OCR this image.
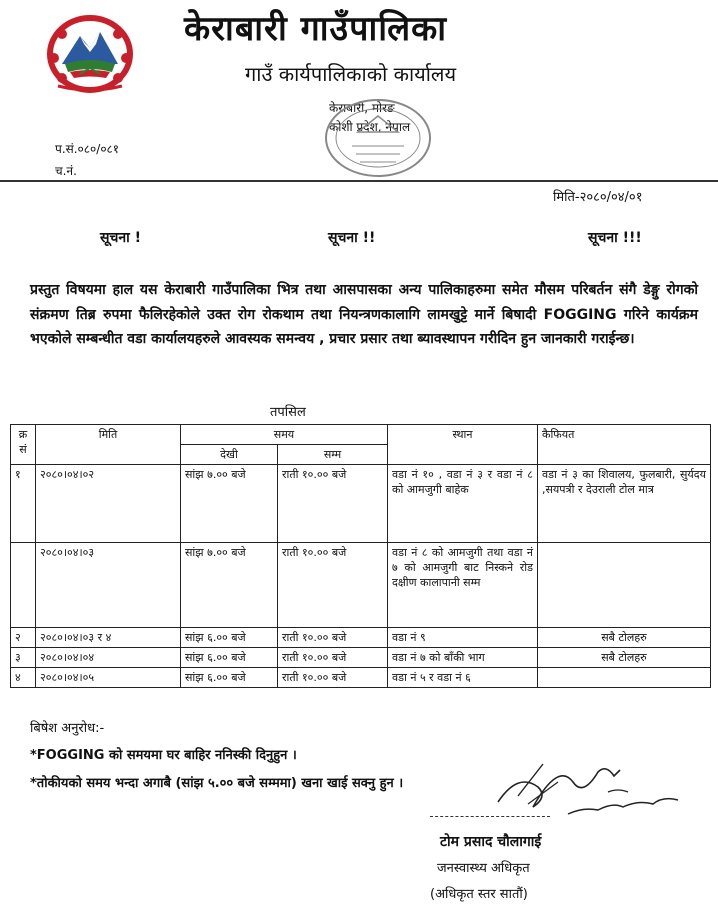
केराबारी गाउँपालिका
गाउँ कार्यपालिकाको कार्यालय
केराबारी, मोरङ
कोशी प्रदेश, नेपाल
प.सं.०८०/०८१
च.नं.
मिति-२०८०/०४/०१
सूचना !	सूचना !!	सूचना !!!
प्रस्तुत विषयमा हाल यस केराबारी गाउँपालिका भित्र तथा आसपासका अन्य पालिकाहरुमा समेत मौसम परिबर्तन संगै डेङ्गु रोगको संक्रमण तिब्र रुपमा फैलिरहेकोले उक्त रोग रोकथाम तथा नियन्त्रणकालागि लामखुट्टे मार्ने बिषादी FOGGING गरिने कार्यक्रम भएकोले सम्बन्धीत वडा कार्यालयहरुले आवस्यक समन्वय , प्रचार प्रसार तथा ब्यावस्थापन गरीदिन हुन जानकारी गराईन्छ।
तपसिल
क्र सं	मिति	समय		स्थान	कैफियत
		देखी	सम्म		
१	२०८०।०४।०२	सांझ ७.०० बजे	राती १०.०० बजे	वडा नं १० , वडा नं ३ र वडा नं ८ को आमजुगी बाहेक	वडा नं ३ का शिवालय, फुलबारी, सुर्यदय ,सयपत्री र देउराली टोल मात्र
	२०८०।०४।०३	सांझ ७.०० बजे	राती १०.०० बजे	वडा नं ८ को आमजुगी तथा वडा नं ७ को आमजुगी बाट निस्कने रोड दक्षीण कालापानी सम्म	
२	२०८०।०४।०३ र ४	सांझ ६.०० बजे	राती १०.०० बजे	वडा नं ९	सबै टोलहरु
३	२०८०।०४।०४	सांझ ६.०० बजे	राती १०.०० बजे	वडा नं ७ को बाँकी भाग	सबै टोलहरु
४	२०८०।०४।०५	सांझ ६.०० बजे	राती १०.०० बजे	वडा नं ५ र वडा नं ६	
बिषेश अनुरोध:-
*FOGGING को समयमा घर बाहिर ननिस्की दिनुहुन ।
*तोकीयको समय भन्दा अगाबै (सांझ ५.०० बजे सम्ममा) खना खाई सक्नु हुन ।
टोम प्रसाद चौलागाई
जनस्वास्थ्य अधिकृत
(अधिकृत स्तर सातौं)
